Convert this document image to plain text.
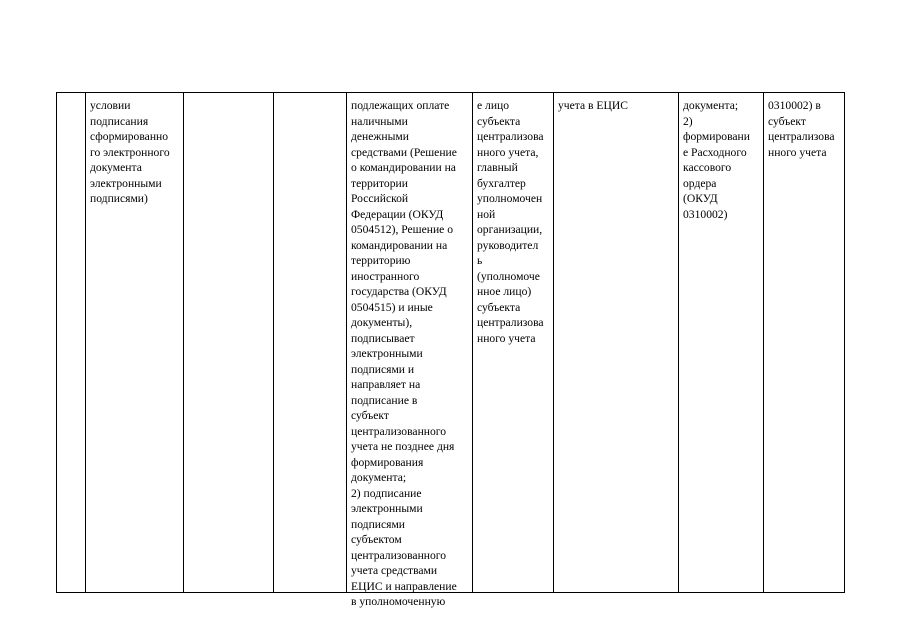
условии
подписания
сформированно
го электронного
документа
электронными
подписями)
подлежащих оплате
наличными
денежными
средствами (Решение
о командировании на
территории
Российской
Федерации (ОКУД
0504512), Решение о
командировании на
территорию
иностранного
государства (ОКУД
0504515) и иные
документы),
подписывает
электронными
подписями и
направляет на
подписание в
субъект
централизованного
учета не позднее дня
формирования
документа;
2) подписание
электронными
подписями
субъектом
централизованного
учета средствами
ЕЦИС и направление
в уполномоченную
е лицо
субъекта
централизова
нного учета,
главный
бухгалтер
уполномочен
ной
организации,
руководител
ь
(уполномоче
нное лицо)
субъекта
централизова
нного учета
учета в ЕЦИС	документа;
2)
формировани
е Расходного
кассового
ордера
(ОКУД
0310002)
0310002) в
субъект
централизова
нного учета
